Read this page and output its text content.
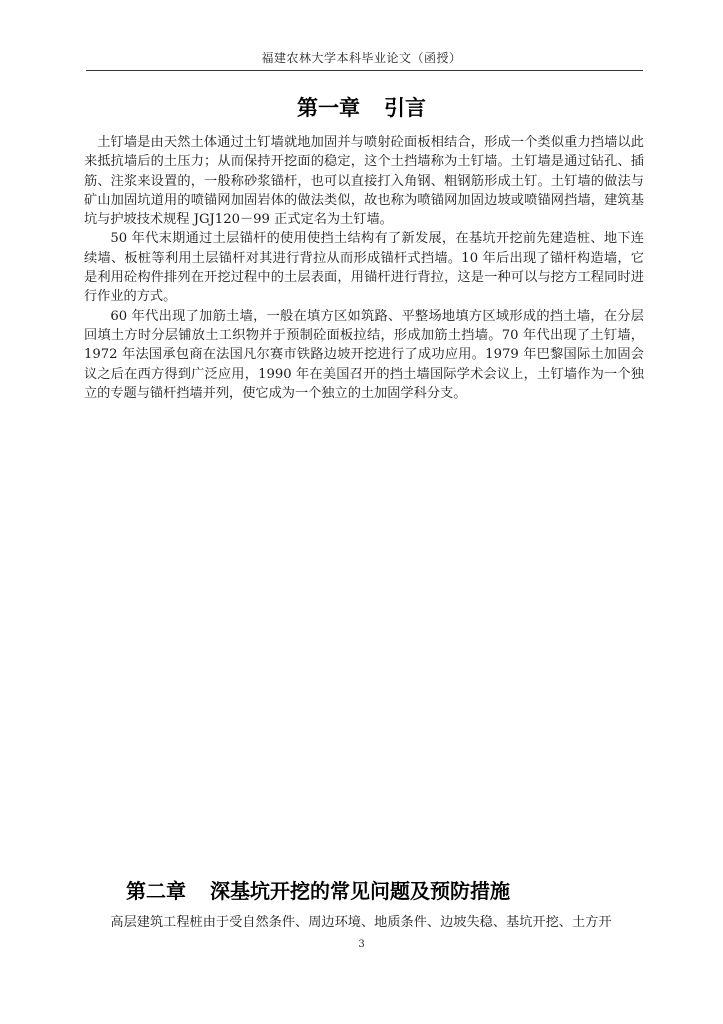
福建农林大学本科毕业论文（函授）
第一章 引言

土钉墙是由天然土体通过土钉墙就地加固并与喷射砼面板相结合，形成一个类似重力挡墙以此来抵抗墙后的土压力；从而保持开挖面的稳定，这个土挡墙称为土钉墙。土钉墙是通过钻孔、插筋、注浆来设置的，一般称砂浆锚杆，也可以直接打入角钢、粗钢筋形成土钉。土钉墙的做法与矿山加固坑道用的喷锚网加固岩体的做法类似，故也称为喷锚网加固边坡或喷锚网挡墙，建筑基坑与护坡技术规程 JGJ120－99 正式定名为土钉墙。

50 年代末期通过土层锚杆的使用使挡土结构有了新发展，在基坑开挖前先建造桩、地下连续墙、板桩等利用土层锚杆对其进行背拉从而形成锚杆式挡墙。10 年后出现了锚杆构造墙，它是利用砼构件排列在开挖过程中的土层表面，用锚杆进行背拉，这是一种可以与挖方工程同时进行作业的方式。

60 年代出现了加筋土墙，一般在填方区如筑路、平整场地填方区域形成的挡土墙，在分层回填土方时分层铺放土工织物并于预制砼面板拉结，形成加筋土挡墙。70 年代出现了土钉墙，1972 年法国承包商在法国凡尔赛市铁路边坡开挖进行了成功应用。1979 年巴黎国际土加固会议之后在西方得到广泛应用，1990 年在美国召开的挡土墙国际学术会议上，土钉墙作为一个独立的专题与锚杆挡墙并列，使它成为一个独立的土加固学科分支。

第二章 深基坑开挖的常见问题及预防措施

高层建筑工程桩由于受自然条件、周边环境、地质条件、边坡失稳、基坑开挖、土方开

3
